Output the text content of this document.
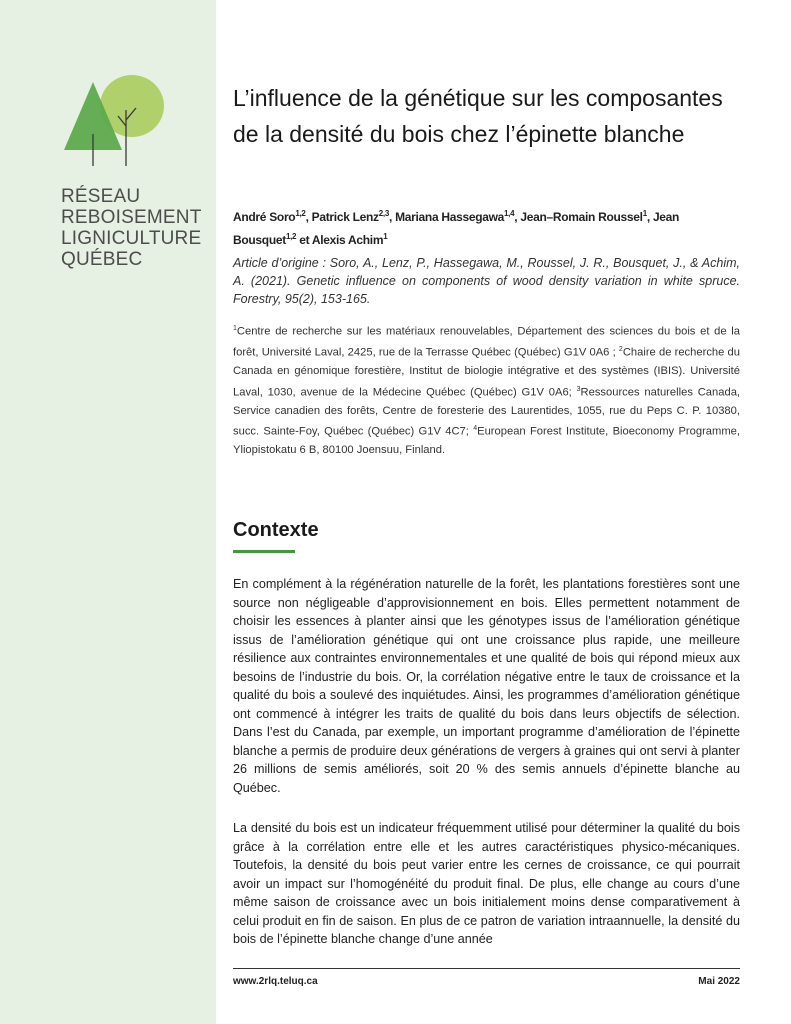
RÉSEAU
REBOISEMENT
LIGNICULTURE
QUÉBEC
L’influence de la génétique sur les composantes de la densité du bois chez l’épinette blanche
André Soro$^{1,2}$, Patrick Lenz$^{2,3}$, Mariana Hassegawa$^{1,4}$, Jean–Romain Roussel$^1$, Jean Bousquet$^{1,2}$ et Alexis Achim$^1$
Article d’origine : Soro, A., Lenz, P., Hassegawa, M., Roussel, J. R., Bousquet, J., & Achim, A. (2021). Genetic influence on components of wood density variation in white spruce. Forestry, 95(2), 153-165.
$^1$Centre de recherche sur les matériaux renouvelables, Département des sciences du bois et de la forêt, Université Laval, 2425, rue de la Terrasse Québec (Québec) G1V 0A6 ; $^2$Chaire de recherche du Canada en génomique forestière, Institut de biologie intégrative et des systèmes (IBIS). Université Laval, 1030, avenue de la Médecine Québec (Québec) G1V 0A6; $^3$Ressources naturelles Canada, Service canadien des forêts, Centre de foresterie des Laurentides, 1055, rue du Peps C. P. 10380, succ. Sainte-Foy, Québec (Québec) G1V 4C7; $^4$European Forest Institute, Bioeconomy Programme, Yliopistokatu 6 B, 80100 Joensuu, Finland.
Contexte

En complément à la régénération naturelle de la forêt, les plantations forestières sont une source non négligeable d’approvisionnement en bois. Elles permettent notamment de choisir les essences à planter ainsi que les génotypes issus de l’amélioration génétique issus de l’amélioration génétique qui ont une croissance plus rapide, une meilleure résilience aux contraintes environnementales et une qualité de bois qui répond mieux aux besoins de l’industrie du bois. Or, la corrélation négative entre le taux de croissance et la qualité du bois a soulevé des inquiétudes. Ainsi, les programmes d’amélioration génétique ont commencé à intégrer les traits de qualité du bois dans leurs objectifs de sélection. Dans l’est du Canada, par exemple, un important programme d’amélioration de l’épinette blanche a permis de produire deux générations de vergers à graines qui ont servi à planter 26 millions de semis améliorés, soit 20 % des semis annuels d’épinette blanche au Québec.

La densité du bois est un indicateur fréquemment utilisé pour déterminer la qualité du bois grâce à la corrélation entre elle et les autres caractéristiques physico-mécaniques. Toutefois, la densité du bois peut varier entre les cernes de croissance, ce qui pourrait avoir un impact sur l’homogénéité du produit final. De plus, elle change au cours d’une même saison de croissance avec un bois initialement moins dense comparativement à celui produit en fin de saison. En plus de ce patron de variation intraannuelle, la densité du bois de l’épinette blanche change d’une année

www.2rlq.teluq.ca	Mai 2022
